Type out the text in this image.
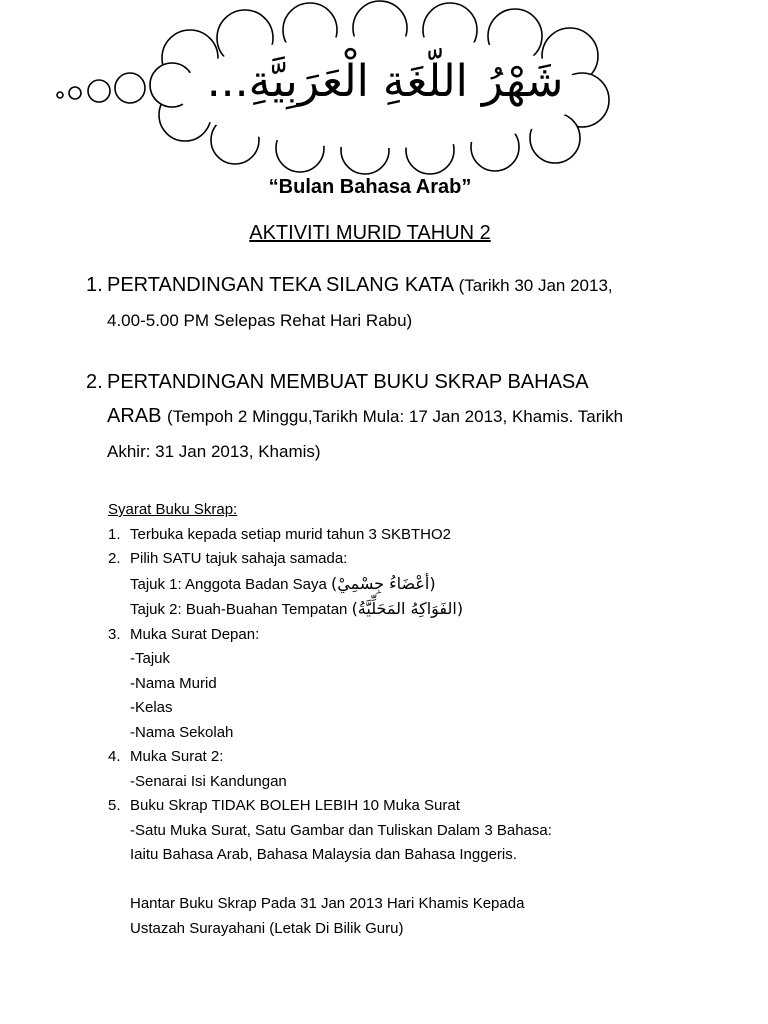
شَهْرُ اللّغَةِ الْعَرَبِيَّةِ...
“Bulan Bahasa Arab”
AKTIVITI MURID TAHUN 2
1. PERTANDINGAN TEKA SILANG KATA (Tarikh 30 Jan 2013,
4.00-5.00 PM Selepas Rehat Hari Rabu)
2. PERTANDINGAN MEMBUAT BUKU SKRAP BAHASA
ARAB (Tempoh 2 Minggu,Tarikh Mula: 17 Jan 2013, Khamis. Tarikh
Akhir: 31 Jan 2013, Khamis)
Syarat Buku Skrap:
1. Terbuka kepada setiap murid tahun 3 SKBTHO2
2. Pilih SATU tajuk sahaja samada:
Tajuk 1: Anggota Badan Saya (أعْضَاءُ جِسْمِيْ)
Tajuk 2: Buah-Buahan Tempatan (الفَوَاكِهُ المَحَلِّيَّةُ)
3. Muka Surat Depan:
-Tajuk
-Nama Murid
-Kelas
-Nama Sekolah
4. Muka Surat 2:
-Senarai Isi Kandungan
5. Buku Skrap TIDAK BOLEH LEBIH 10 Muka Surat
-Satu Muka Surat, Satu Gambar dan Tuliskan Dalam 3 Bahasa:
Iaitu Bahasa Arab, Bahasa Malaysia dan Bahasa Inggeris.
Hantar Buku Skrap Pada 31 Jan 2013 Hari Khamis Kepada
Ustazah Surayahani (Letak Di Bilik Guru)
